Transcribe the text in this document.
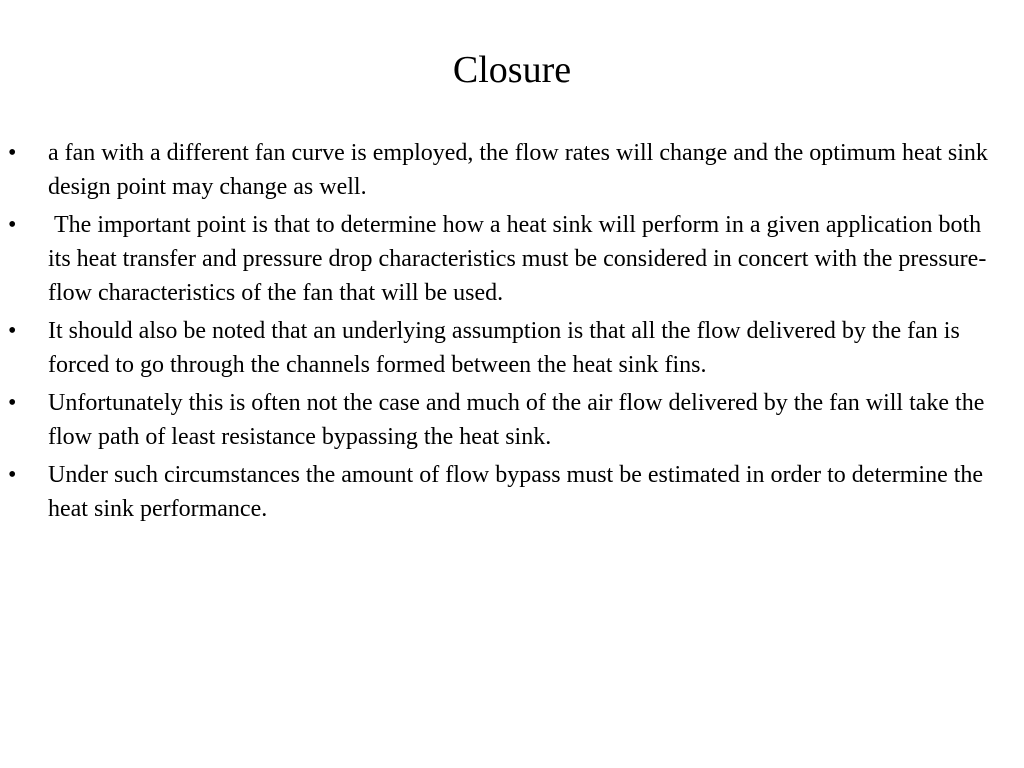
Closure
• a fan with a different fan curve is employed, the flow rates will change and the optimum heat sink design point may change as well.
• The important point is that to determine how a heat sink will perform in a given application both its heat transfer and pressure drop characteristics must be considered in concert with the pressure-flow characteristics of the fan that will be used.
• It should also be noted that an underlying assumption is that all the flow delivered by the fan is forced to go through the channels formed between the heat sink fins.
• Unfortunately this is often not the case and much of the air flow delivered by the fan will take the flow path of least resistance bypassing the heat sink.
• Under such circumstances the amount of flow bypass must be estimated in order to determine the heat sink performance.
